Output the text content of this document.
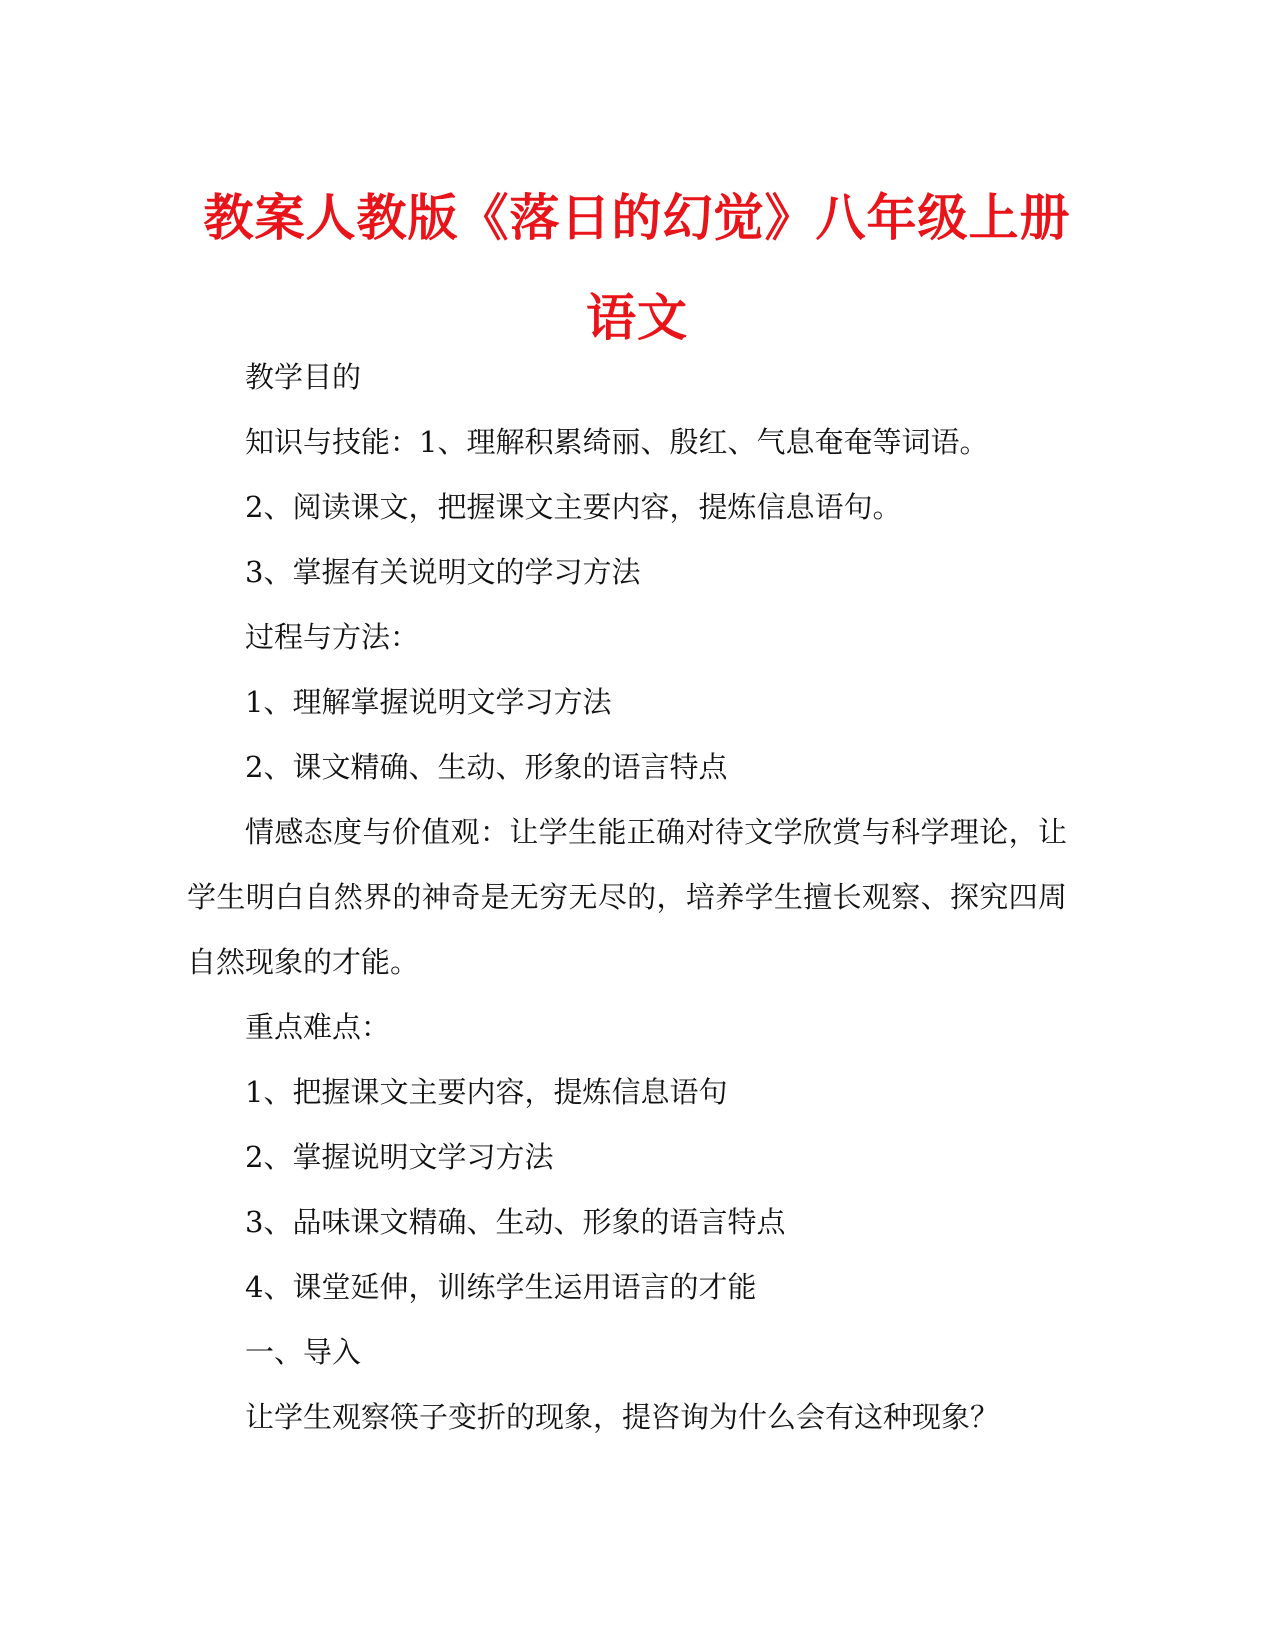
教案人教版《落日的幻觉》八年级上册语文

教学目的

知识与技能：1、理解积累绮丽、殷红、气息奄奄等词语。

2、阅读课文，把握课文主要内容，提炼信息语句。

3、掌握有关说明文的学习方法

过程与方法：

1、理解掌握说明文学习方法

2、课文精确、生动、形象的语言特点

情感态度与价值观：让学生能正确对待文学欣赏与科学理论，让学生明白自然界的神奇是无穷无尽的，培养学生擅长观察、探究四周自然现象的才能。

重点难点：

1、把握课文主要内容，提炼信息语句

2、掌握说明文学习方法

3、品味课文精确、生动、形象的语言特点

4、课堂延伸，训练学生运用语言的才能

一、导入

让学生观察筷子变折的现象，提咨询为什么会有这种现象？
